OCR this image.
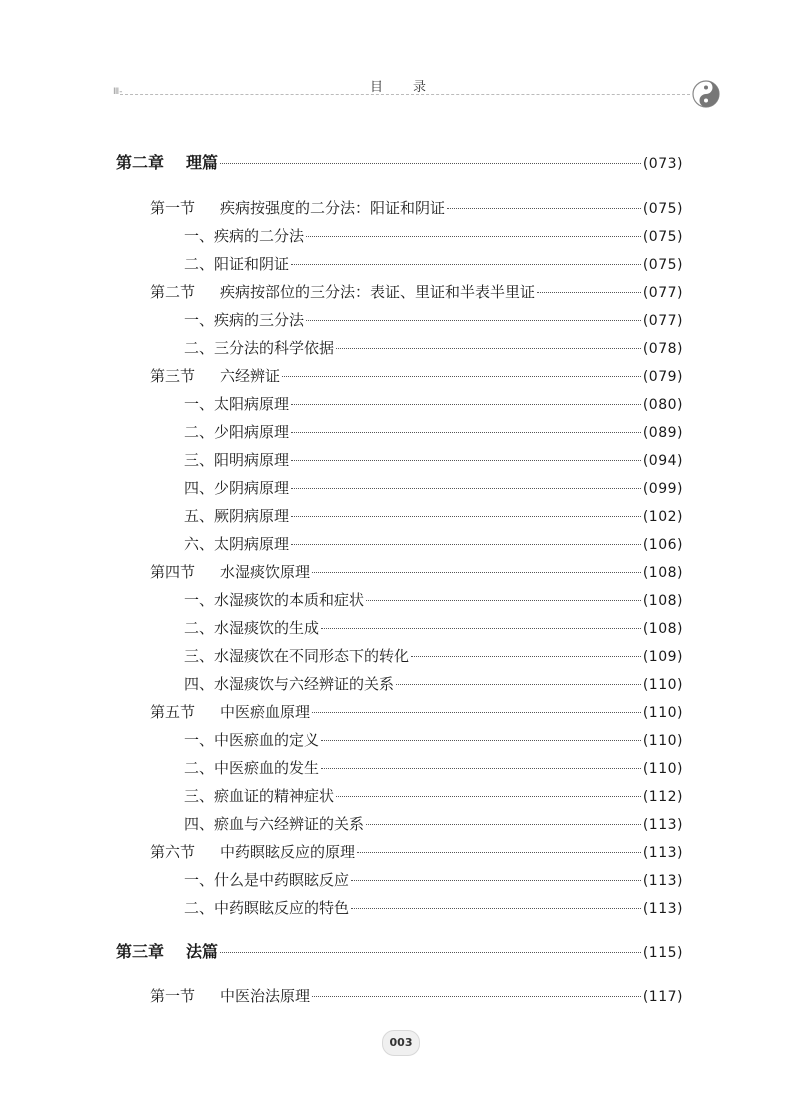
Ⅲ-	目录
第二章 理篇	(073)
第一节 疾病按强度的二分法：阳证和阴证	(075)
一、疾病的二分法	(075)
二、阳证和阴证	(075)
第二节 疾病按部位的三分法：表证、里证和半表半里证	(077)
一、疾病的三分法	(077)
二、三分法的科学依据	(078)
第三节 六经辨证	(079)
一、太阳病原理	(080)
二、少阳病原理	(089)
三、阳明病原理	(094)
四、少阴病原理	(099)
五、厥阴病原理	(102)
六、太阴病原理	(106)
第四节 水湿痰饮原理	(108)
一、水湿痰饮的本质和症状	(108)
二、水湿痰饮的生成	(108)
三、水湿痰饮在不同形态下的转化	(109)
四、水湿痰饮与六经辨证的关系	(110)
第五节 中医瘀血原理	(110)
一、中医瘀血的定义	(110)
二、中医瘀血的发生	(110)
三、瘀血证的精神症状	(112)
四、瘀血与六经辨证的关系	(113)
第六节 中药瞑眩反应的原理	(113)
一、什么是中药瞑眩反应	(113)
二、中药瞑眩反应的特色	(113)
第三章 法篇	(115)
第一节 中医治法原理	(117)
003
